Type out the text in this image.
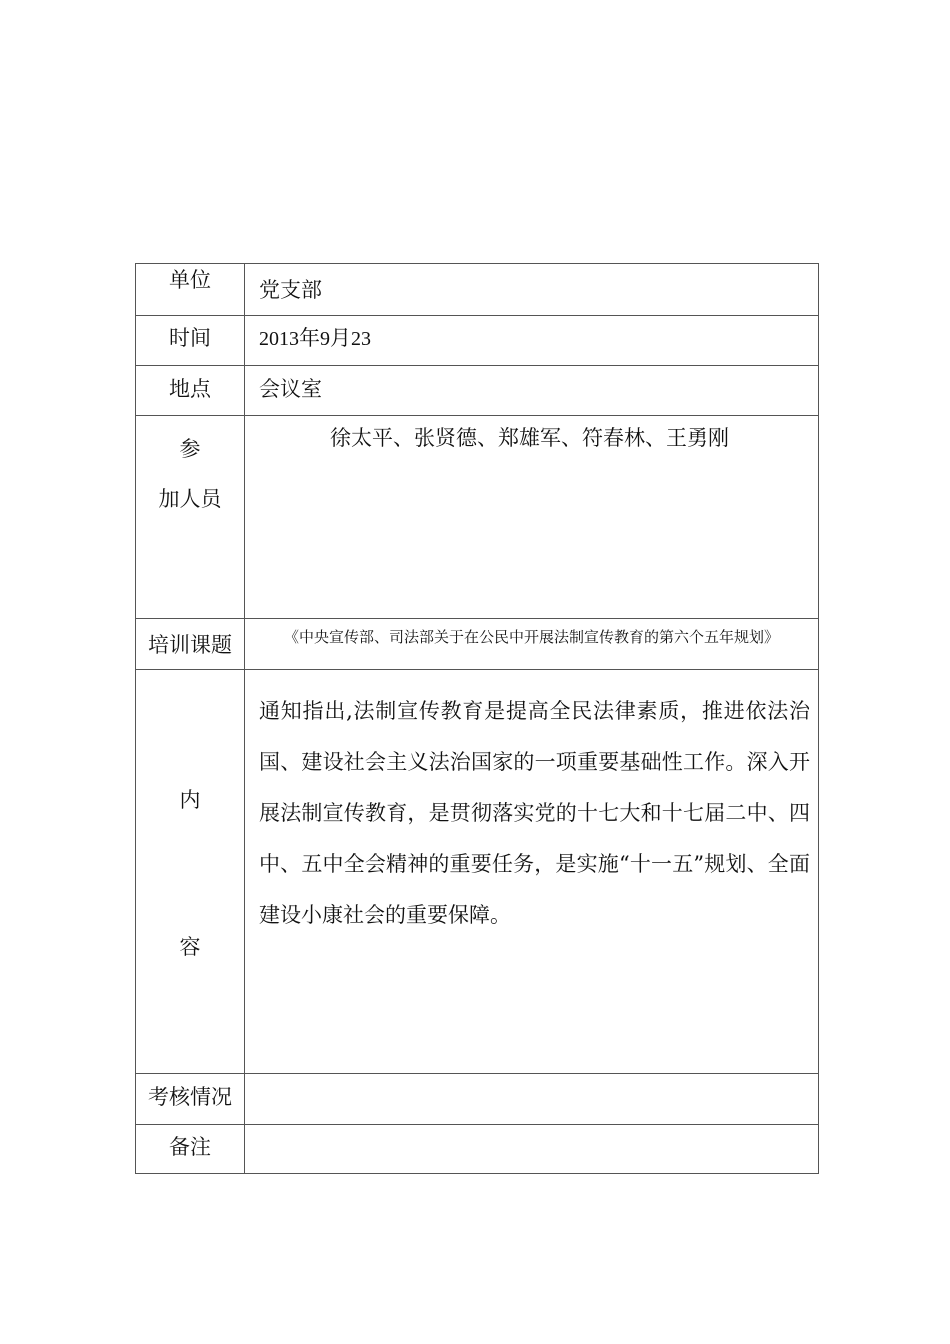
单位	党支部

时间	2013年9月23

地点	会议室

参
加人员	徐太平、张贤德、郑雄军、符春林、王勇刚

培训课题	《中央宣传部、司法部关于在公民中开展法制宣传教育的第六个五年规划》

内
容	通知指出,法制宣传教育是提高全民法律素质，推进依法治国、建设社会主义法治国家的一项重要基础性工作。深入开展法制宣传教育，是贯彻落实党的十七大和十七届二中、四中、五中全会精神的重要任务，是实施“十一五”规划、全面建设小康社会的重要保障。

考核情况	

备注	
